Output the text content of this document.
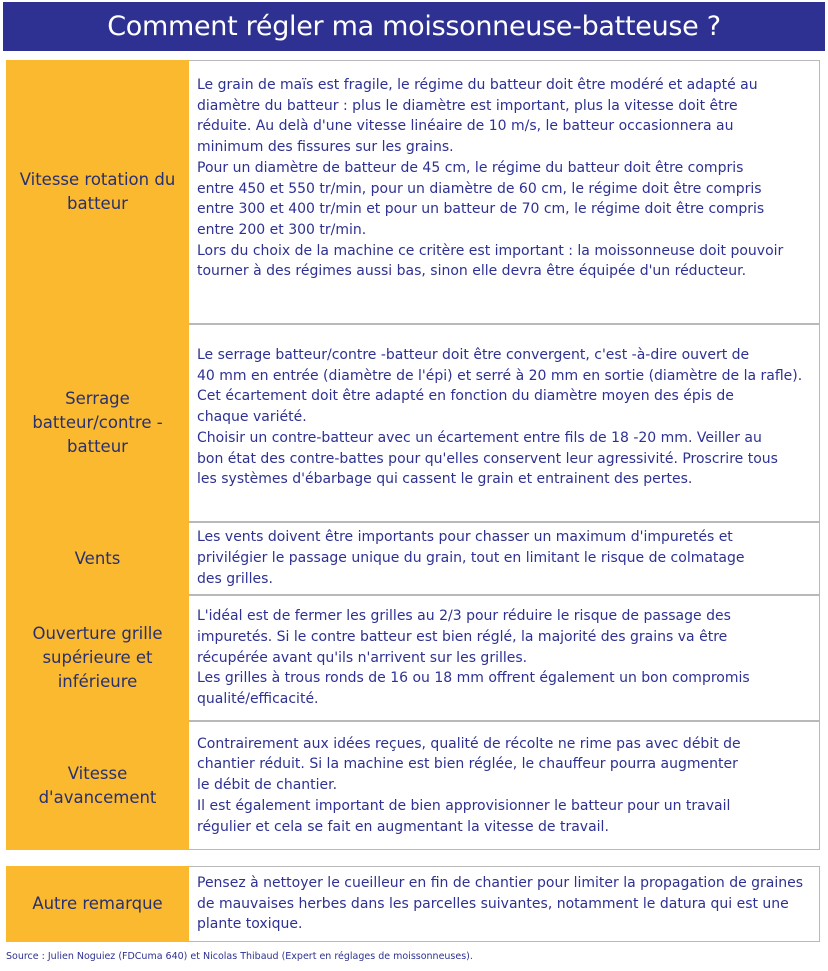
Comment régler ma moissonneuse-batteuse ?
Vitesse rotation du batteur

Le grain de maïs est fragile, le régime du batteur doit être modéré et adapté au
diamètre du batteur : plus le diamètre est important, plus la vitesse doit être
réduite. Au delà d'une vitesse linéaire de 10 m/s, le batteur occasionnera au
minimum des fissures sur les grains.

Pour un diamètre de batteur de 45 cm, le régime du batteur doit être compris
entre 450 et 550 tr/min, pour un diamètre de 60 cm, le régime doit être compris
entre 300 et 400 tr/min et pour un batteur de 70 cm, le régime doit être compris
entre 200 et 300 tr/min.

Lors du choix de la machine ce critère est important : la moissonneuse doit pouvoir
tourner à des régimes aussi bas, sinon elle devra être équipée d'un réducteur.

Serrage batteur/contre - batteur

Le serrage batteur/contre -batteur doit être convergent, c'est -à-dire ouvert de
40 mm en entrée (diamètre de l'épi) et serré à 20 mm en sortie (diamètre de la rafle).
Cet écartement doit être adapté en fonction du diamètre moyen des épis de
chaque variété.

Choisir un contre-batteur avec un écartement entre fils de 18 -20 mm. Veiller au
bon état des contre-battes pour qu'elles conservent leur agressivité. Proscrire tous
les systèmes d'ébarbage qui cassent le grain et entrainent des pertes.

Vents

Les vents doivent être importants pour chasser un maximum d'impuretés et
privilégier le passage unique du grain, tout en limitant le risque de colmatage
des grilles.

Ouverture grille supérieure et inférieure

L'idéal est de fermer les grilles au 2/3 pour réduire le risque de passage des
impuretés. Si le contre batteur est bien réglé, la majorité des grains va être
récupérée avant qu'ils n'arrivent sur les grilles.

Les grilles à trous ronds de 16 ou 18 mm offrent également un bon compromis
qualité/efficacité.

Vitesse d'avancement

Contrairement aux idées reçues, qualité de récolte ne rime pas avec débit de
chantier réduit. Si la machine est bien réglée, le chauffeur pourra augmenter
le débit de chantier.

Il est également important de bien approvisionner le batteur pour un travail
régulier et cela se fait en augmentant la vitesse de travail.

Autre remarque

Pensez à nettoyer le cueilleur en fin de chantier pour limiter la propagation de graines
de mauvaises herbes dans les parcelles suivantes, notamment le datura qui est une
plante toxique.

Source : Julien Noguiez (FDCuma 640) et Nicolas Thibaud (Expert en réglages de moissonneuses).
